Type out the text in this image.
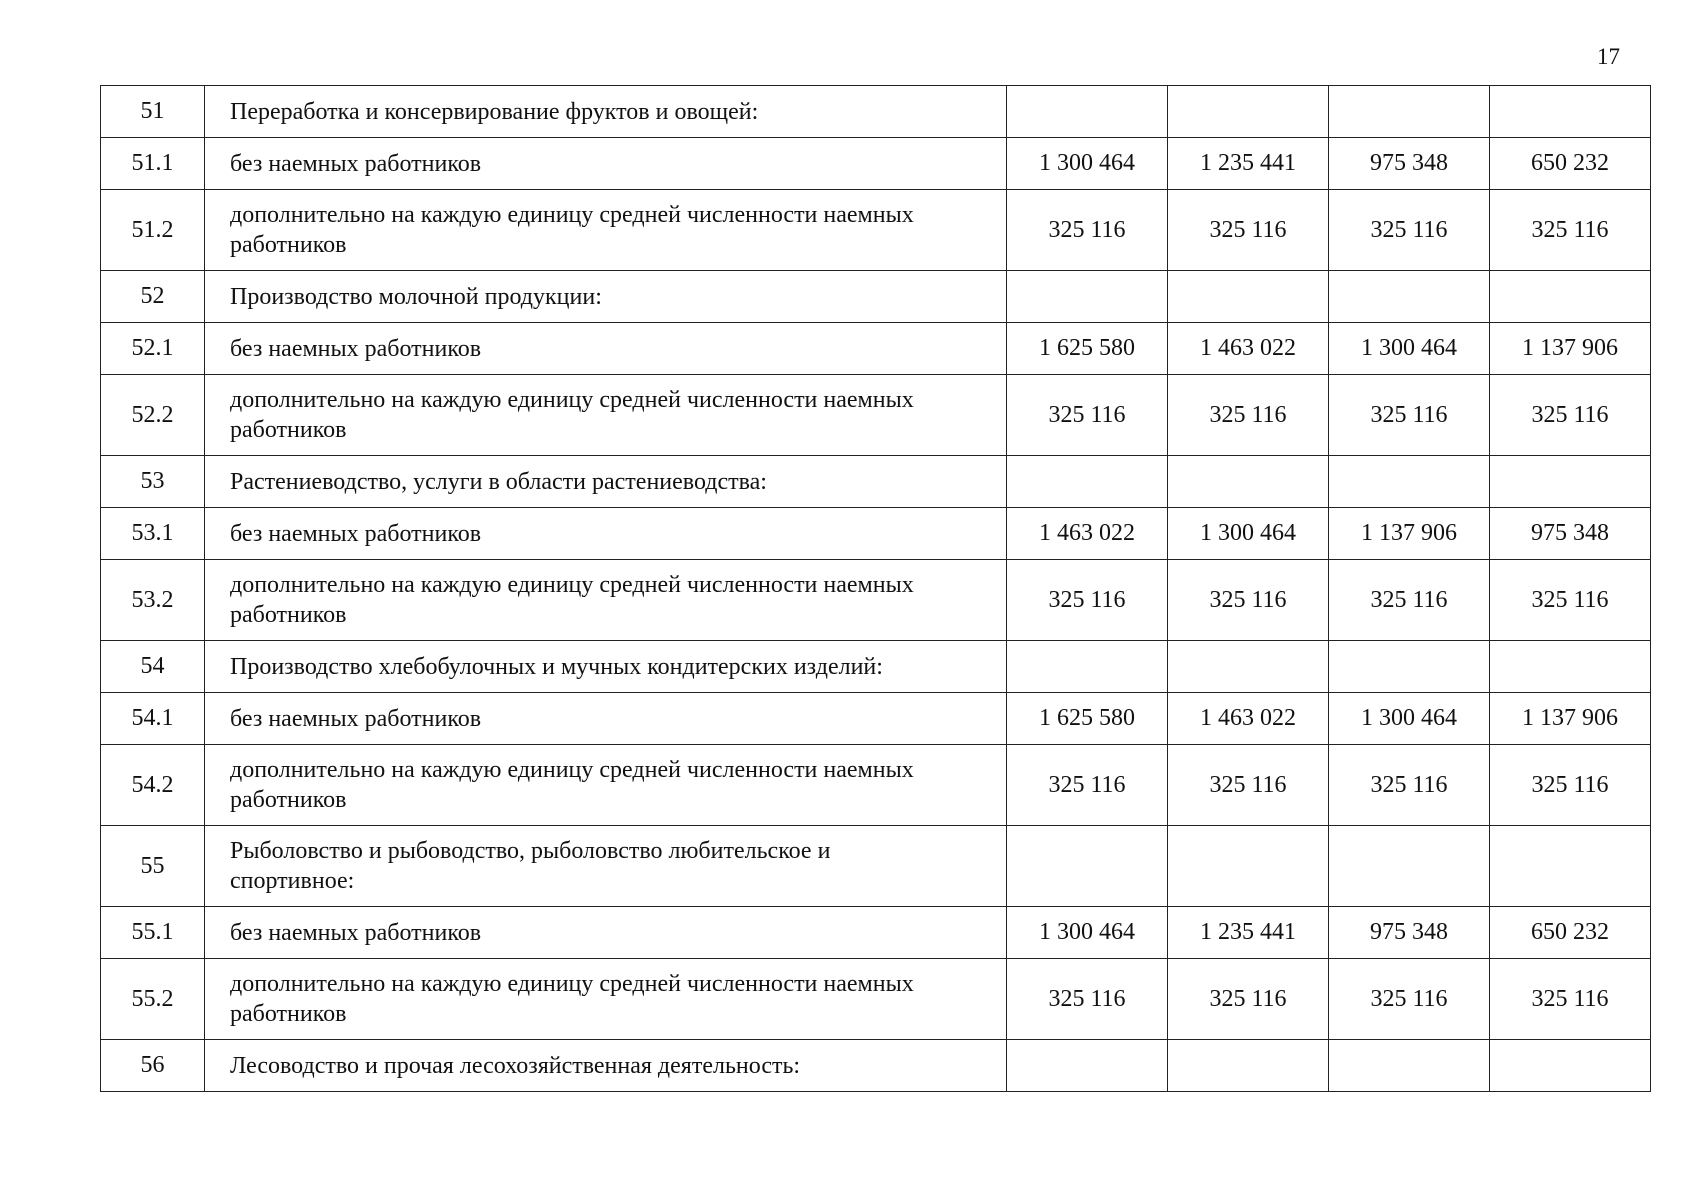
17
51	Переработка и консервирование фруктов и овощей:				
51.1	без наемных работников	1 300 464	1 235 441	975 348	650 232
51.2	дополнительно на каждую единицу средней численности наемных работников	325 116	325 116	325 116	325 116
52	Производство молочной продукции:				
52.1	без наемных работников	1 625 580	1 463 022	1 300 464	1 137 906
52.2	дополнительно на каждую единицу средней численности наемных работников	325 116	325 116	325 116	325 116
53	Растениеводство, услуги в области растениеводства:				
53.1	без наемных работников	1 463 022	1 300 464	1 137 906	975 348
53.2	дополнительно на каждую единицу средней численности наемных работников	325 116	325 116	325 116	325 116
54	Производство хлебобулочных и мучных кондитерских изделий:				
54.1	без наемных работников	1 625 580	1 463 022	1 300 464	1 137 906
54.2	дополнительно на каждую единицу средней численности наемных работников	325 116	325 116	325 116	325 116
55	Рыболовство и рыбоводство, рыболовство любительское и спортивное:				
55.1	без наемных работников	1 300 464	1 235 441	975 348	650 232
55.2	дополнительно на каждую единицу средней численности наемных работников	325 116	325 116	325 116	325 116
56	Лесоводство и прочая лесохозяйственная деятельность:				
